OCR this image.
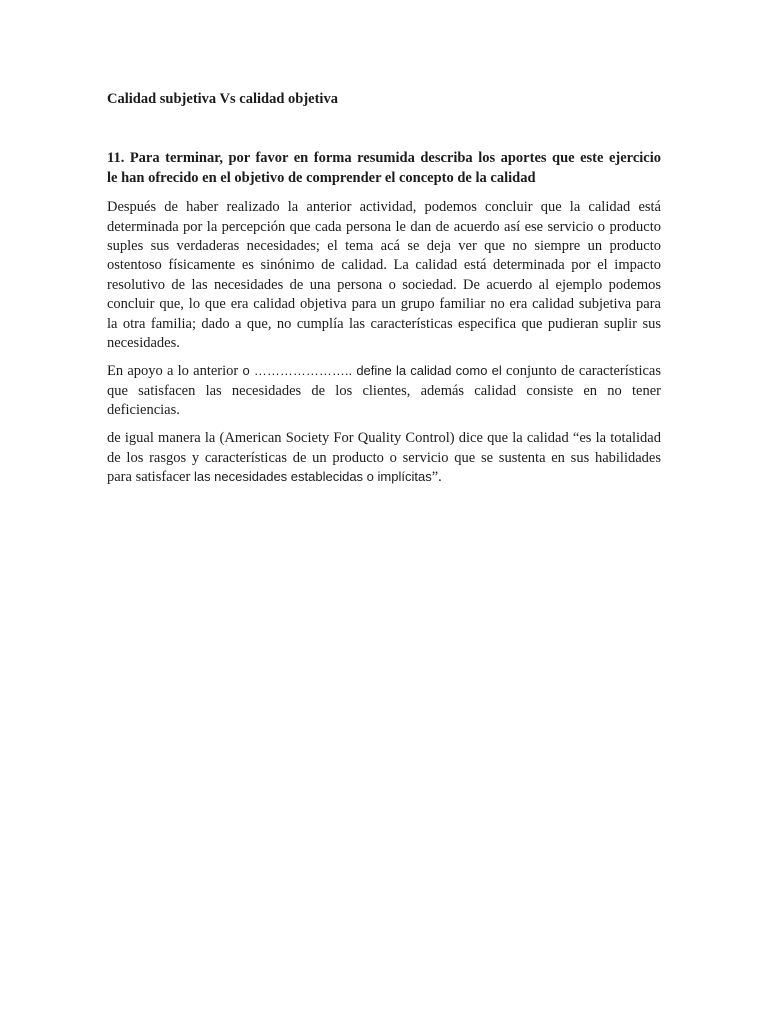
Calidad subjetiva Vs calidad objetiva
11. Para terminar, por favor en forma resumida describa los aportes que este ejercicio
le han ofrecido en el objetivo de comprender el concepto de la calidad
Después de haber realizado la anterior actividad, podemos concluir que la calidad está
determinada por la percepción que cada persona le dan de acuerdo así ese servicio o producto
suples sus verdaderas necesidades; el tema acá se deja ver que no siempre un producto
ostentoso físicamente es sinónimo de calidad. La calidad está determinada por el impacto
resolutivo de las necesidades de una persona o sociedad. De acuerdo al ejemplo podemos
concluir que, lo que era calidad objetiva para un grupo familiar no era calidad subjetiva para
la otra familia; dado a que, no cumplía las características especifica que pudieran suplir sus
necesidades.
En apoyo a lo anterior o ………………….. define la calidad como el conjunto de características
que satisfacen las necesidades de los clientes, además calidad consiste en no tener
deficiencias.
de igual manera la (American Society For Quality Control) dice que la calidad “es la totalidad
de los rasgos y características de un producto o servicio que se sustenta en sus habilidades
para satisfacer las necesidades establecidas o implícitas”.
